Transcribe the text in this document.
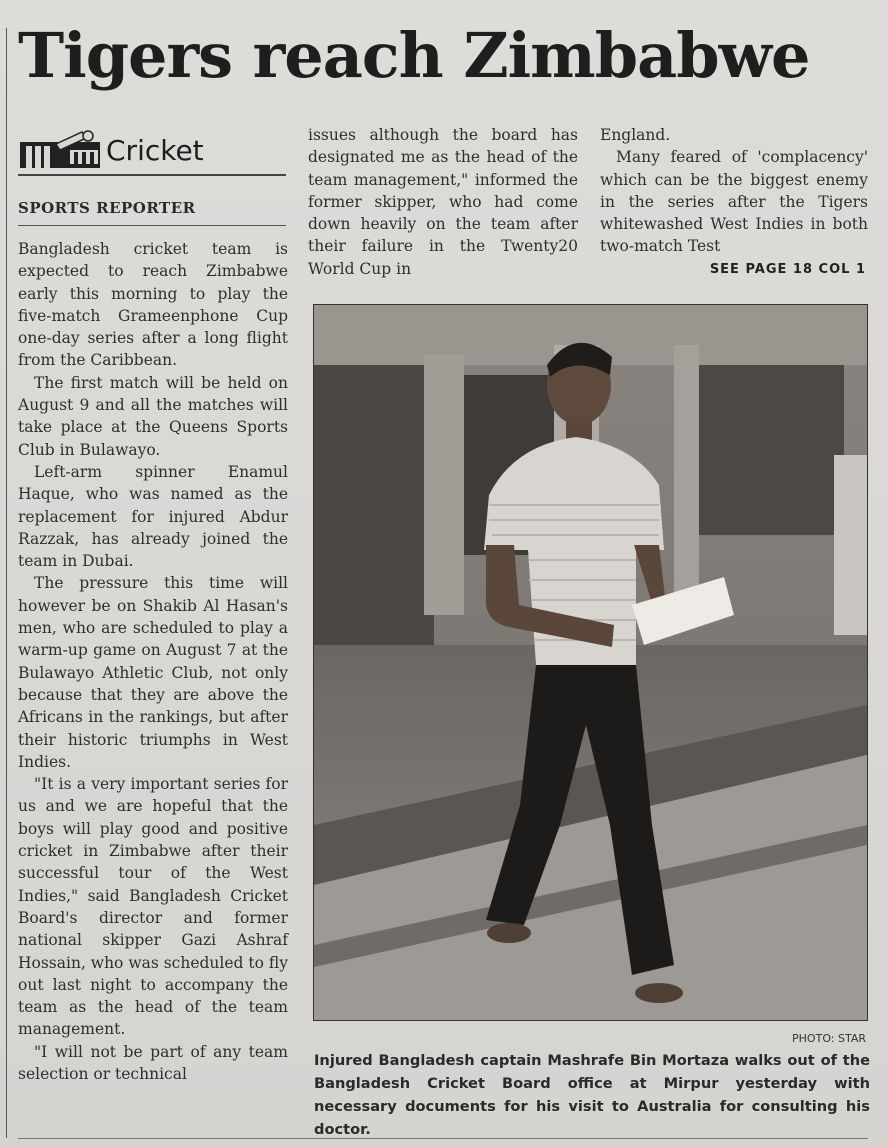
Tigers reach Zimbabwe
Cricket
SPORTS REPORTER

Bangladesh cricket team is expected to reach Zimbabwe early this morning to play the five-match Grameenphone Cup one-day series after a long flight from the Caribbean.

The first match will be held on August 9 and all the matches will take place at the Queens Sports Club in Bulawayo.

Left-arm spinner Enamul Haque, who was named as the replacement for injured Abdur Razzak, has already joined the team in Dubai.

The pressure this time will however be on Shakib Al Hasan's men, who are scheduled to play a warm-up game on August 7 at the Bulawayo Athletic Club, not only because that they are above the Africans in the rankings, but after their historic triumphs in West Indies.

"It is a very important series for us and we are hopeful that the boys will play good and positive cricket in Zimbabwe after their successful tour of the West Indies," said Bangladesh Cricket Board's director and former national skipper Gazi Ashraf Hossain, who was scheduled to fly out last night to accompany the team as the head of the team management.

"I will not be part of any team selection or technical

issues although the board has designated me as the head of the team management," informed the former skipper, who had come down heavily on the team after their failure in the Twenty20 World Cup in

England.

Many feared of 'complacency' which can be the biggest enemy in the series after the Tigers whitewashed West Indies in both two-match Test

SEE PAGE 18 COL 1
PHOTO: STAR
Injured Bangladesh captain Mashrafe Bin Mortaza walks out of the Bangladesh Cricket Board office at Mirpur yesterday with necessary documents for his visit to Australia for consulting his doctor.
